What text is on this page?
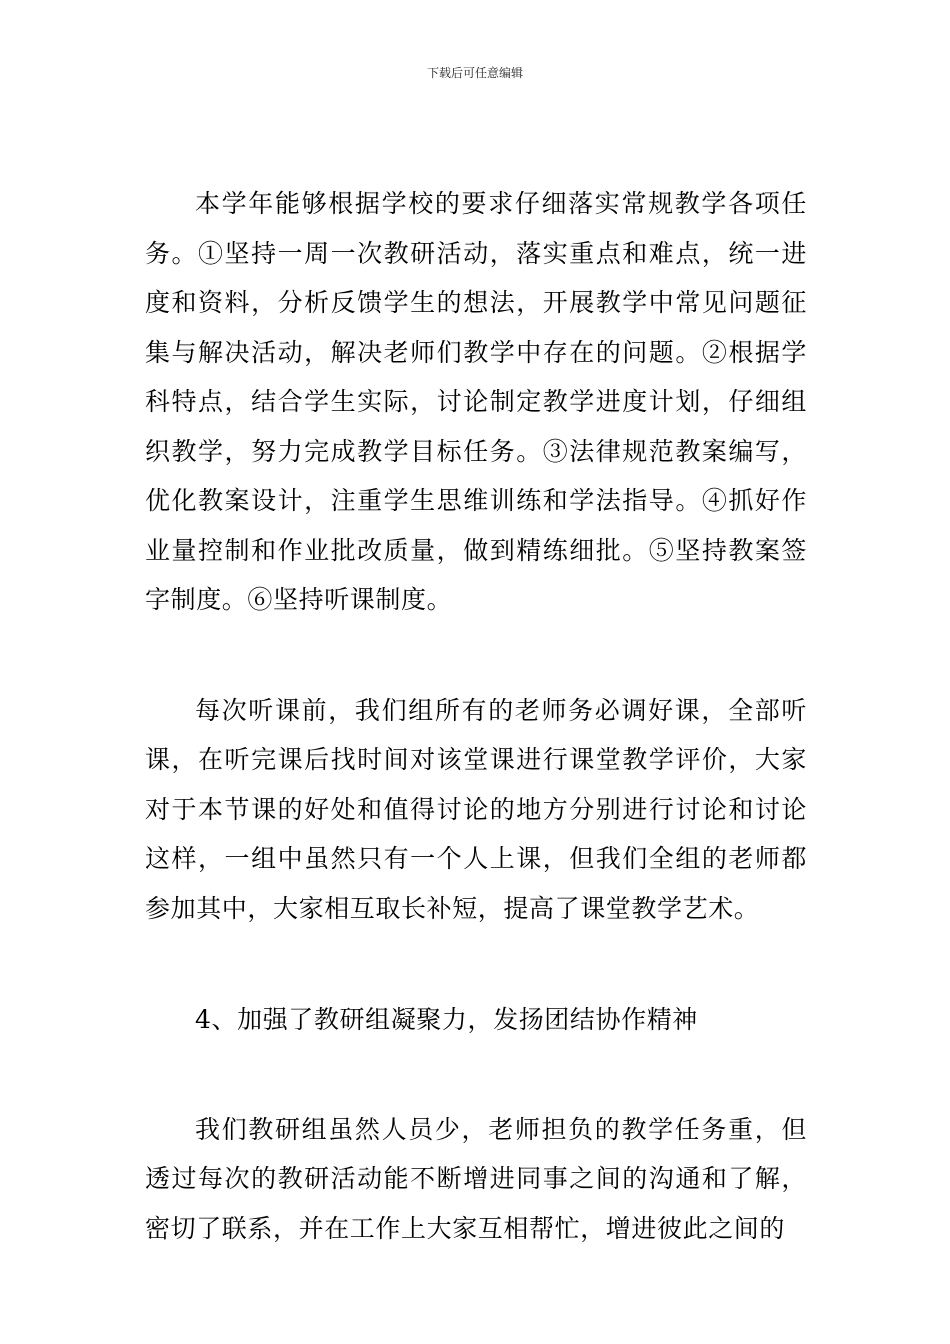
下载后可任意编辑

本学年能够根据学校的要求仔细落实常规教学各项任务。①坚持一周一次教研活动，落实重点和难点，统一进度和资料，分析反馈学生的想法，开展教学中常见问题征集与解决活动，解决老师们教学中存在的问题。②根据学科特点，结合学生实际，讨论制定教学进度计划，仔细组织教学，努力完成教学目标任务。③法律规范教案编写，优化教案设计，注重学生思维训练和学法指导。④抓好作业量控制和作业批改质量，做到精练细批。⑤坚持教案签字制度。⑥坚持听课制度。

每次听课前，我们组所有的老师务必调好课，全部听课，在听完课后找时间对该堂课进行课堂教学评价，大家对于本节课的好处和值得讨论的地方分别进行讨论和讨论这样，一组中虽然只有一个人上课，但我们全组的老师都参加其中，大家相互取长补短，提高了课堂教学艺术。

4、加强了教研组凝聚力，发扬团结协作精神

我们教研组虽然人员少，老师担负的教学任务重，但透过每次的教研活动能不断增进同事之间的沟通和了解，密切了联系，并在工作上大家互相帮忙，增进彼此之间的
